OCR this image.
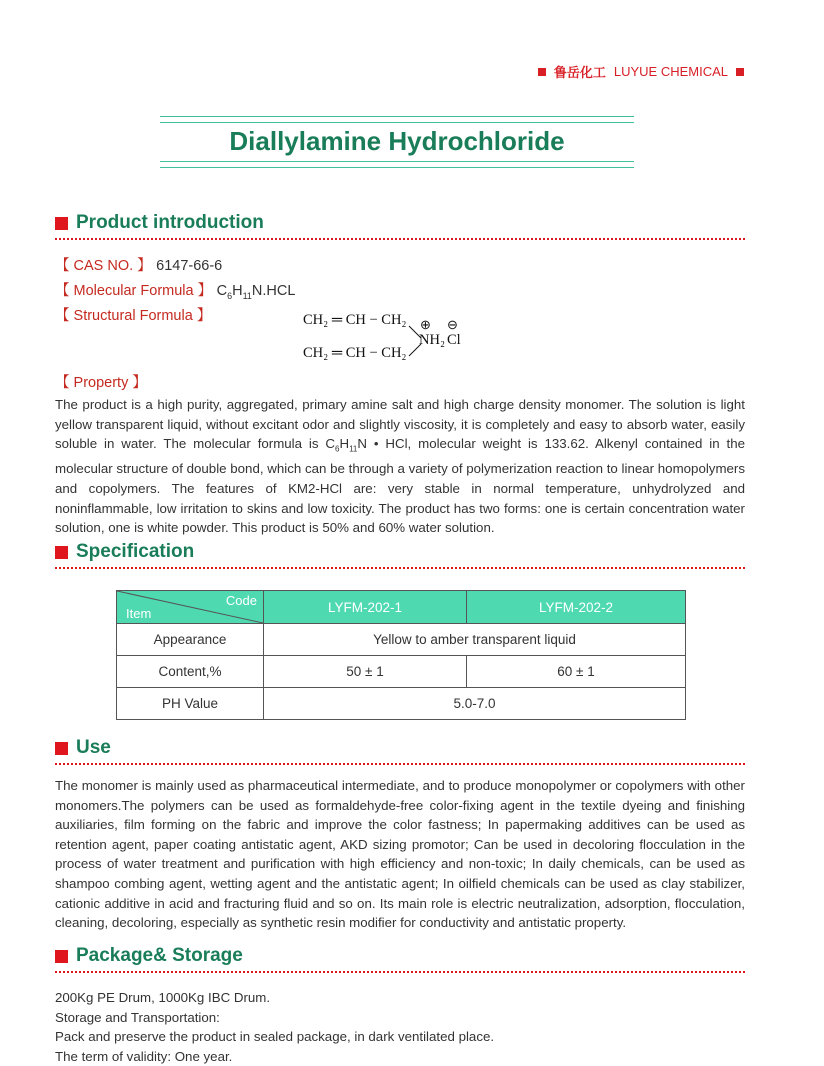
鲁岳化工 LUYUE CHEMICAL
Diallylamine Hydrochloride
Product introduction
【 CAS NO. 】 6147-66-6
【 Molecular Formula 】 $C_6H_{11}N.HCL$
【 Structural Formula 】	CH₂ ═ CH − CH₂
CH₂ ═ CH − CH₂
NH₂ Cl
⊕ ⊖
【 Property 】

The product is a high purity, aggregated, primary amine salt and high charge density monomer. The solution is light yellow transparent liquid, without excitant odor and slightly viscosity, it is completely and easy to absorb water, easily soluble in water. The molecular formula is $C_6H_{11}N$ • HCl, molecular weight is 133.62. Alkenyl contained in the molecular structure of double bond, which can be through a variety of polymerization reaction to linear homopolymers and copolymers. The features of KM2-HCl are: very stable in normal temperature, unhydrolyzed and noninflammable, low irritation to skins and low toxicity. The product has two forms: one is certain concentration water solution, one is white powder. This product is 50% and 60% water solution.

Specification
Code
Item	LYFM-202-1	LYFM-202-2
Appearance	Yellow to amber transparent liquid	
Content,%	50 ± 1	60 ± 1
PH Value	5.0-7.0	
Use

The monomer is mainly used as pharmaceutical intermediate, and to produce monopolymer or copolymers with other monomers.The polymers can be used as formaldehyde-free color-fixing agent in the textile dyeing and finishing auxiliaries, film forming on the fabric and improve the color fastness; In papermaking additives can be used as retention agent, paper coating antistatic agent, AKD sizing promotor; Can be used in decoloring flocculation in the process of water treatment and purification with high efficiency and non-toxic; In daily chemicals, can be used as shampoo combing agent, wetting agent and the antistatic agent; In oilfield chemicals can be used as clay stabilizer, cationic additive in acid and fracturing fluid and so on. Its main role is electric neutralization, adsorption, flocculation, cleaning, decoloring, especially as synthetic resin modifier for conductivity and antistatic property.

Package& Storage
200Kg PE Drum, 1000Kg IBC Drum.
Storage and Transportation:
Pack and preserve the product in sealed package, in dark ventilated place.
The term of validity: One year.
